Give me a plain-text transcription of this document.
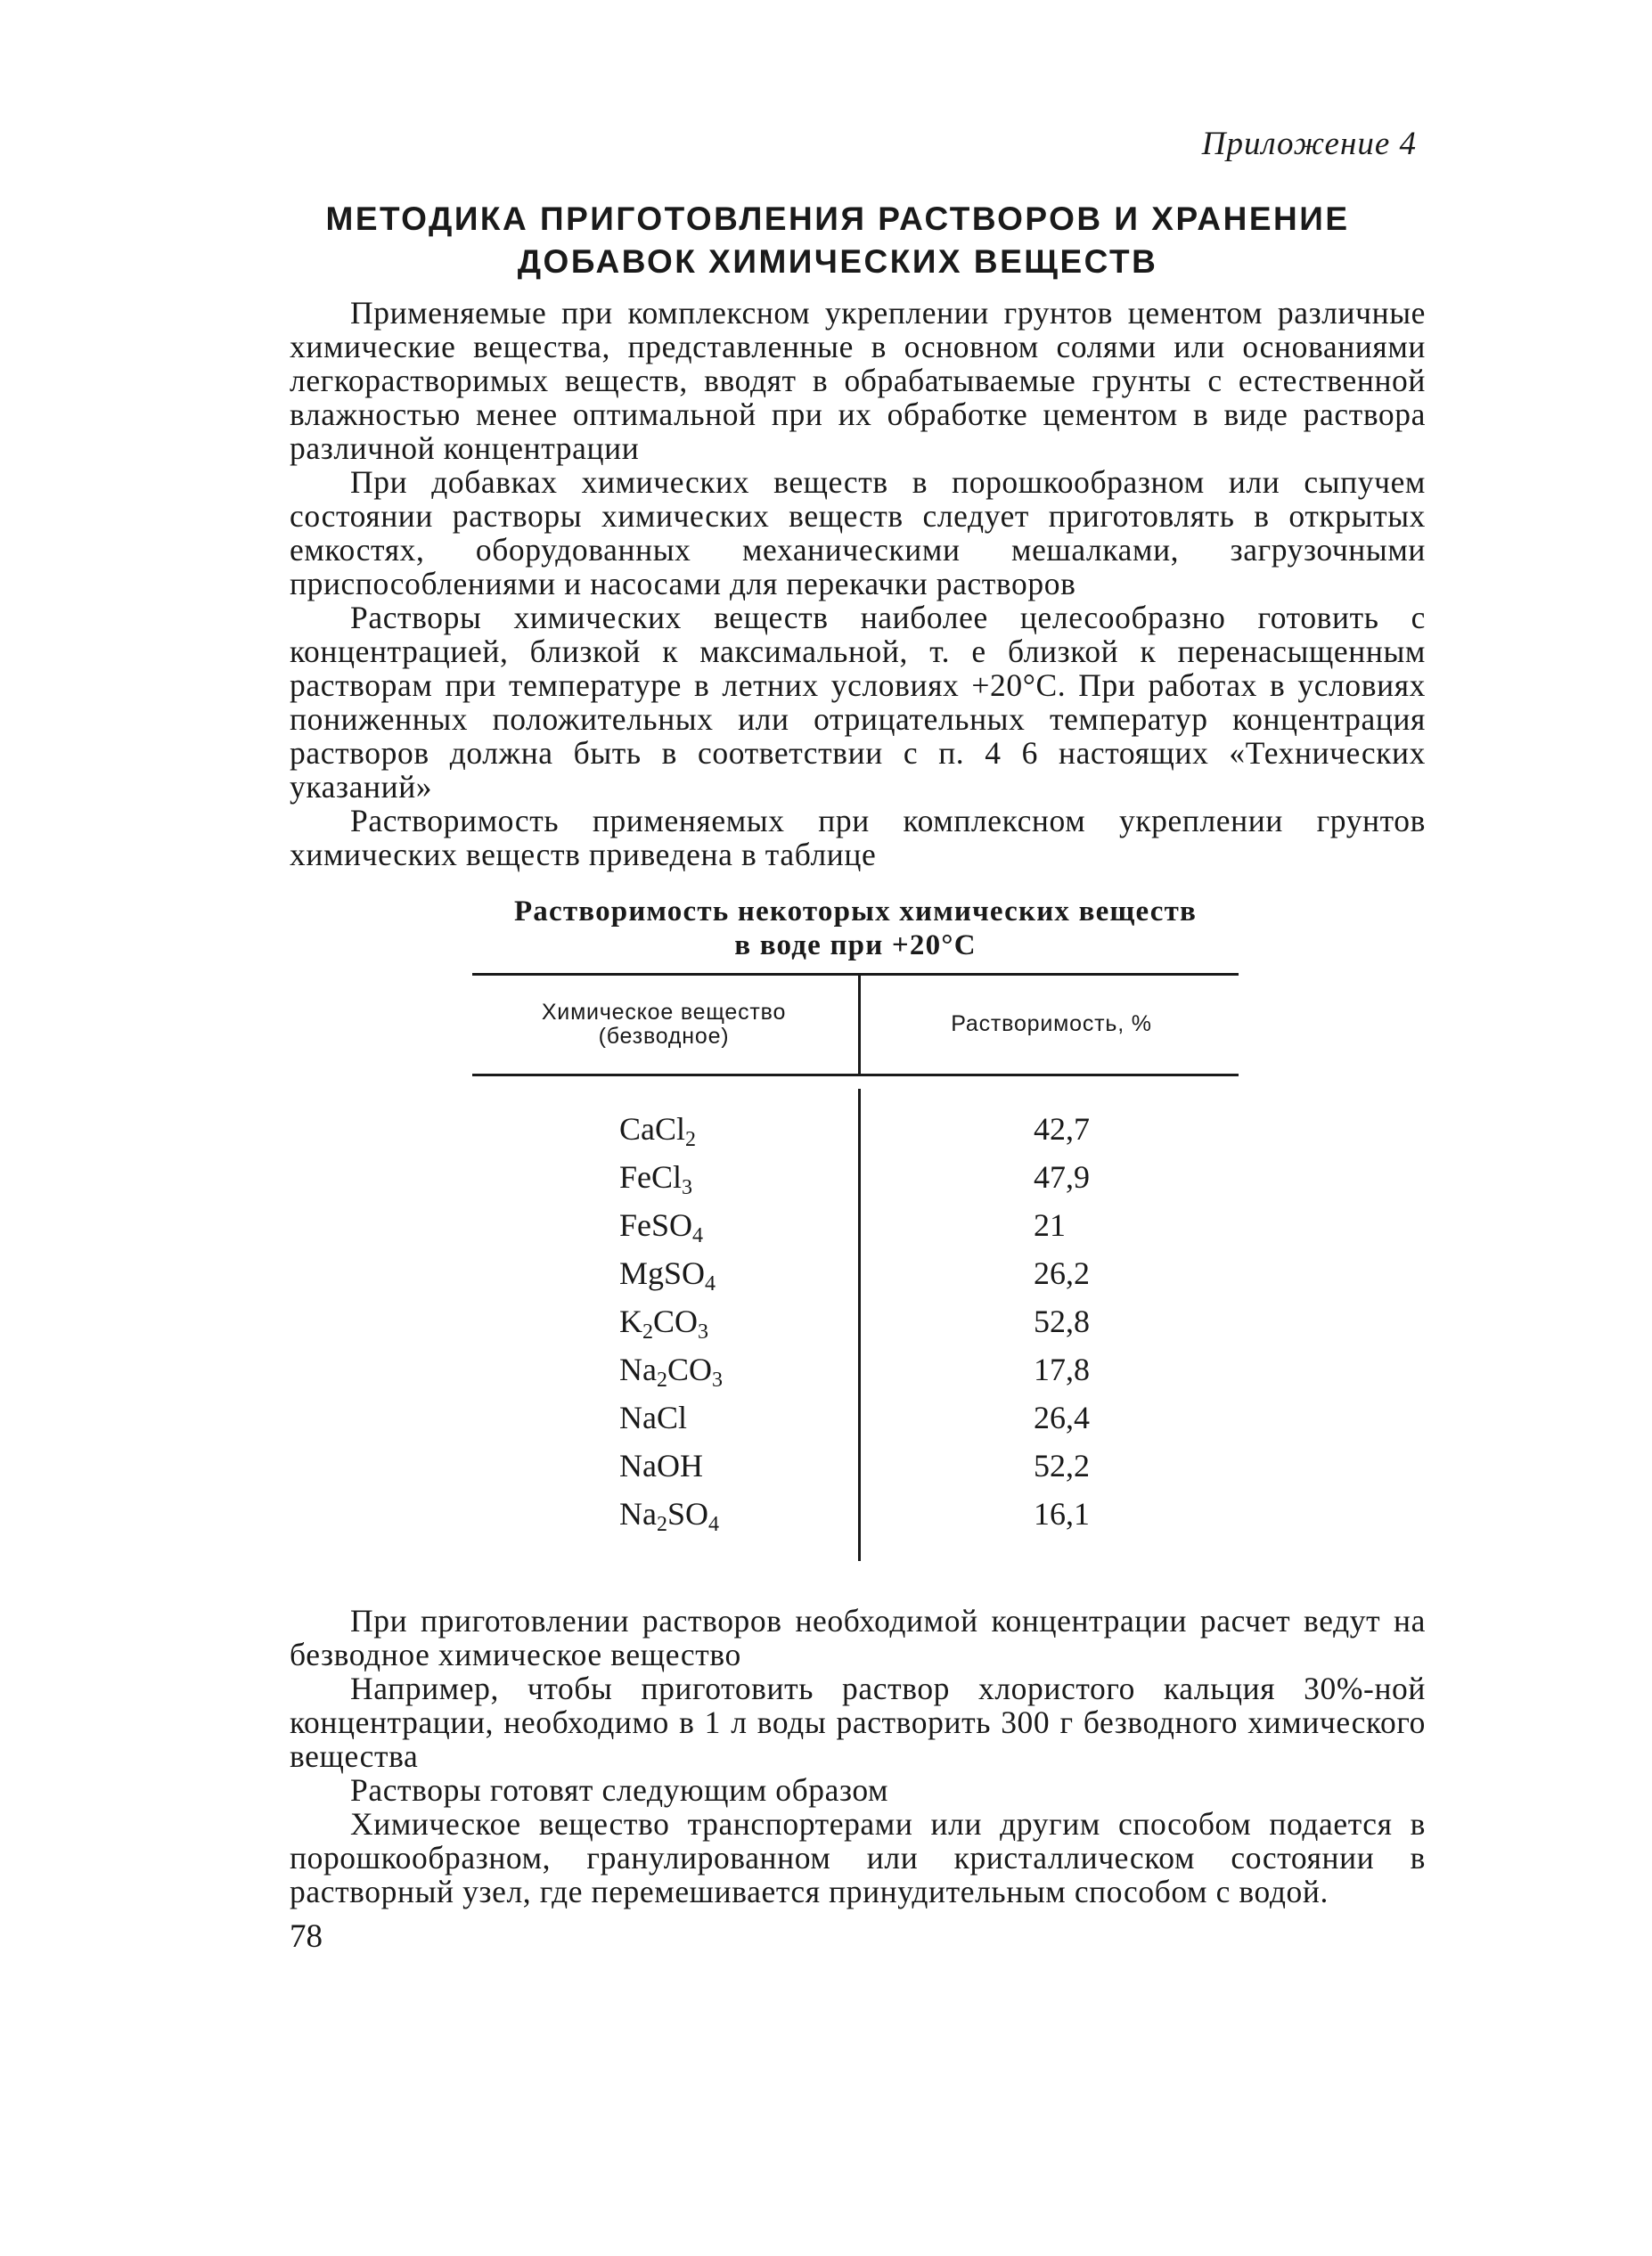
Приложение 4
МЕТОДИКА ПРИГОТОВЛЕНИЯ РАСТВОРОВ И ХРАНЕНИЕ
ДОБАВОК ХИМИЧЕСКИХ ВЕЩЕСТВ

Применяемые при комплексном укреплении грунтов цементом различные химические вещества, представленные в основном солями или основаниями легкорастворимых веществ, вводят в обрабатываемые грунты с естественной влажностью менее оптимальной при их обработке цементом в виде раствора различной концентрации

При добавках химических веществ в порошкообразном или сыпучем состоянии растворы химических веществ следует приготовлять в открытых емкостях, оборудованных механическими мешалками, загрузочными приспособлениями и насосами для перекачки растворов

Растворы химических веществ наиболее целесообразно готовить с концентрацией, близкой к максимальной, т. е близкой к перенасыщенным растворам при температуре в летних условиях +20°С. При работах в условиях пониженных положительных или отрицательных температур концентрация растворов должна быть в соответствии с п. 4 6 настоящих «Технических указаний»

Растворимость применяемых при комплексном укреплении грунтов химических веществ приведена в таблице

Растворимость некоторых химических веществ
в воде при +20°С
Химическое вещество
(безводное)	Растворимость, %
CaCl$_2$
FeCl$_3$
FeSO$_4$
MgSO$_4$
$K_2CO_3$
$Na_2CO_3$
NaCl
NaOH
$Na_2SO_4$
42,7
47,9
21
26,2
52,8
17,8
26,4
52,2
16,1

При приготовлении растворов необходимой концентрации расчет ведут на безводное химическое вещество

Например, чтобы приготовить раствор хлористого кальция 30%-ной концентрации, необходимо в 1 л воды растворить 300 г безводного химического вещества

Растворы готовят следующим образом

Химическое вещество транспортерами или другим способом подается в порошкообразном, гранулированном или кристаллическом состоянии в растворный узел, где перемешивается принудительным способом с водой.

78
